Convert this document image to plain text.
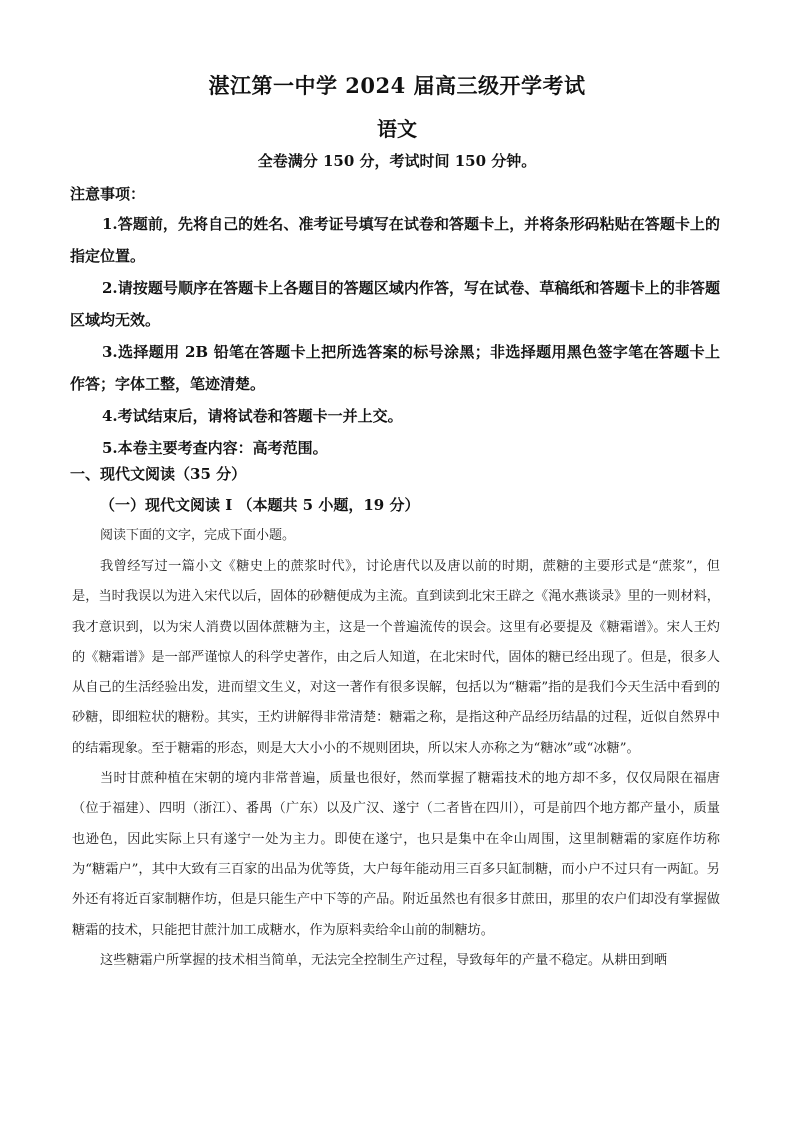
湛江第一中学 2024 届高三级开学考试
语文
全卷满分 150 分，考试时间 150 分钟。
注意事项：
1.答题前，先将自己的姓名、准考证号填写在试卷和答题卡上，并将条形码粘贴在答题卡上的指定位置。
2.请按题号顺序在答题卡上各题目的答题区域内作答，写在试卷、草稿纸和答题卡上的非答题区域均无效。
3.选择题用 2B 铅笔在答题卡上把所选答案的标号涂黑；非选择题用黑色签字笔在答题卡上作答；字体工整，笔迹清楚。
4.考试结束后，请将试卷和答题卡一并上交。
5.本卷主要考查内容：高考范围。
一、现代文阅读（35 分）
（一）现代文阅读 I （本题共 5 小题，19 分）
阅读下面的文字，完成下面小题。

我曾经写过一篇小文《糖史上的蔗浆时代》，讨论唐代以及唐以前的时期，蔗糖的主要形式是“蔗浆”，但是，当时我误以为进入宋代以后，固体的砂糖便成为主流。直到读到北宋王辟之《渑水燕谈录》里的一则材料，我才意识到，以为宋人消费以固体蔗糖为主，这是一个普遍流传的误会。这里有必要提及《糖霜谱》。宋人王灼的《糖霜谱》是一部严谨惊人的科学史著作，由之后人知道，在北宋时代，固体的糖已经出现了。但是，很多人从自己的生活经验出发，进而望文生义，对这一著作有很多误解，包括以为“糖霜”指的是我们今天生活中看到的砂糖，即细粒状的糖粉。其实，王灼讲解得非常清楚：糖霜之称，是指这种产品经历结晶的过程，近似自然界中的结霜现象。至于糖霜的形态，则是大大小小的不规则团块，所以宋人亦称之为“糖冰”或“冰糖”。

当时甘蔗种植在宋朝的境内非常普遍，质量也很好，然而掌握了糖霜技术的地方却不多，仅仅局限在福唐（位于福建）、四明（浙江）、番禺（广东）以及广汉、遂宁（二者皆在四川），可是前四个地方都产量小，质量也逊色，因此实际上只有遂宁一处为主力。即使在遂宁，也只是集中在伞山周围，这里制糖霜的家庭作坊称为“糖霜户”，其中大致有三百家的出品为优等货，大户每年能动用三百多只缸制糖，而小户不过只有一两缸。另外还有将近百家制糖作坊，但是只能生产中下等的产品。附近虽然也有很多甘蔗田，那里的农户们却没有掌握做糖霜的技术，只能把甘蔗汁加工成糖水，作为原料卖给伞山前的制糖坊。

这些糖霜户所掌握的技术相当简单，无法完全控制生产过程，导致每年的产量不稳定。从耕田到晒
